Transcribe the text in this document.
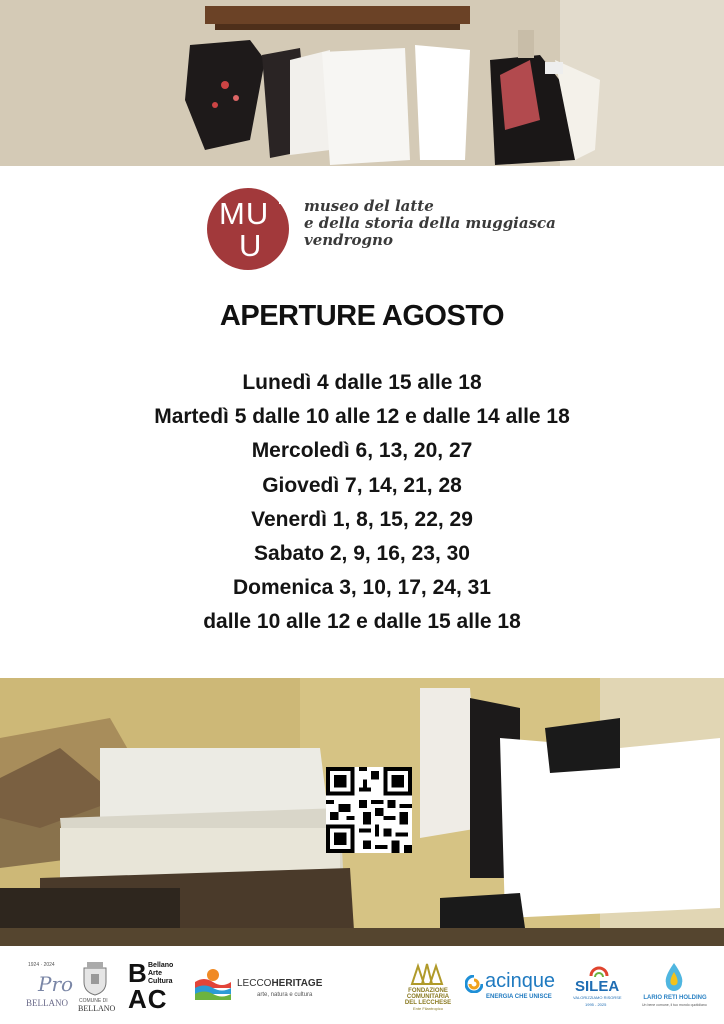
MU
U
museo del latte
e della storia della muggiasca
vendrogno
APERTURE AGOSTO
Lunedì 4 dalle 15 alle 18
Martedì 5 dalle 10 alle 12 e dalle 14 alle 18
Mercoledì 6, 13, 20, 27
Giovedì 7, 14, 21, 28
Venerdì 1, 8, 15, 22, 29
Sabato 2, 9, 16, 23, 30
Domenica 3, 10, 17, 24, 31
dalle 10 alle 12 e dalle 15 alle 18
1924 · 2024
Pro
BELLANO COMUNE DI
BELLANO
B
AC
Bellano
Arte
Cultura	LECCOHERITAGE
arte, natura e cultura
FONDAZIONE
COMUNITARIA
DEL LECCHESE
Ente Filantropico
acinque
ENERGIA CHE UNISCE
SILEA
VALORIZZIAMO RISORSE
1995 - 2025
LARIO RETI HOLDING
Un bene comune, il tuo mondo quotidiano
